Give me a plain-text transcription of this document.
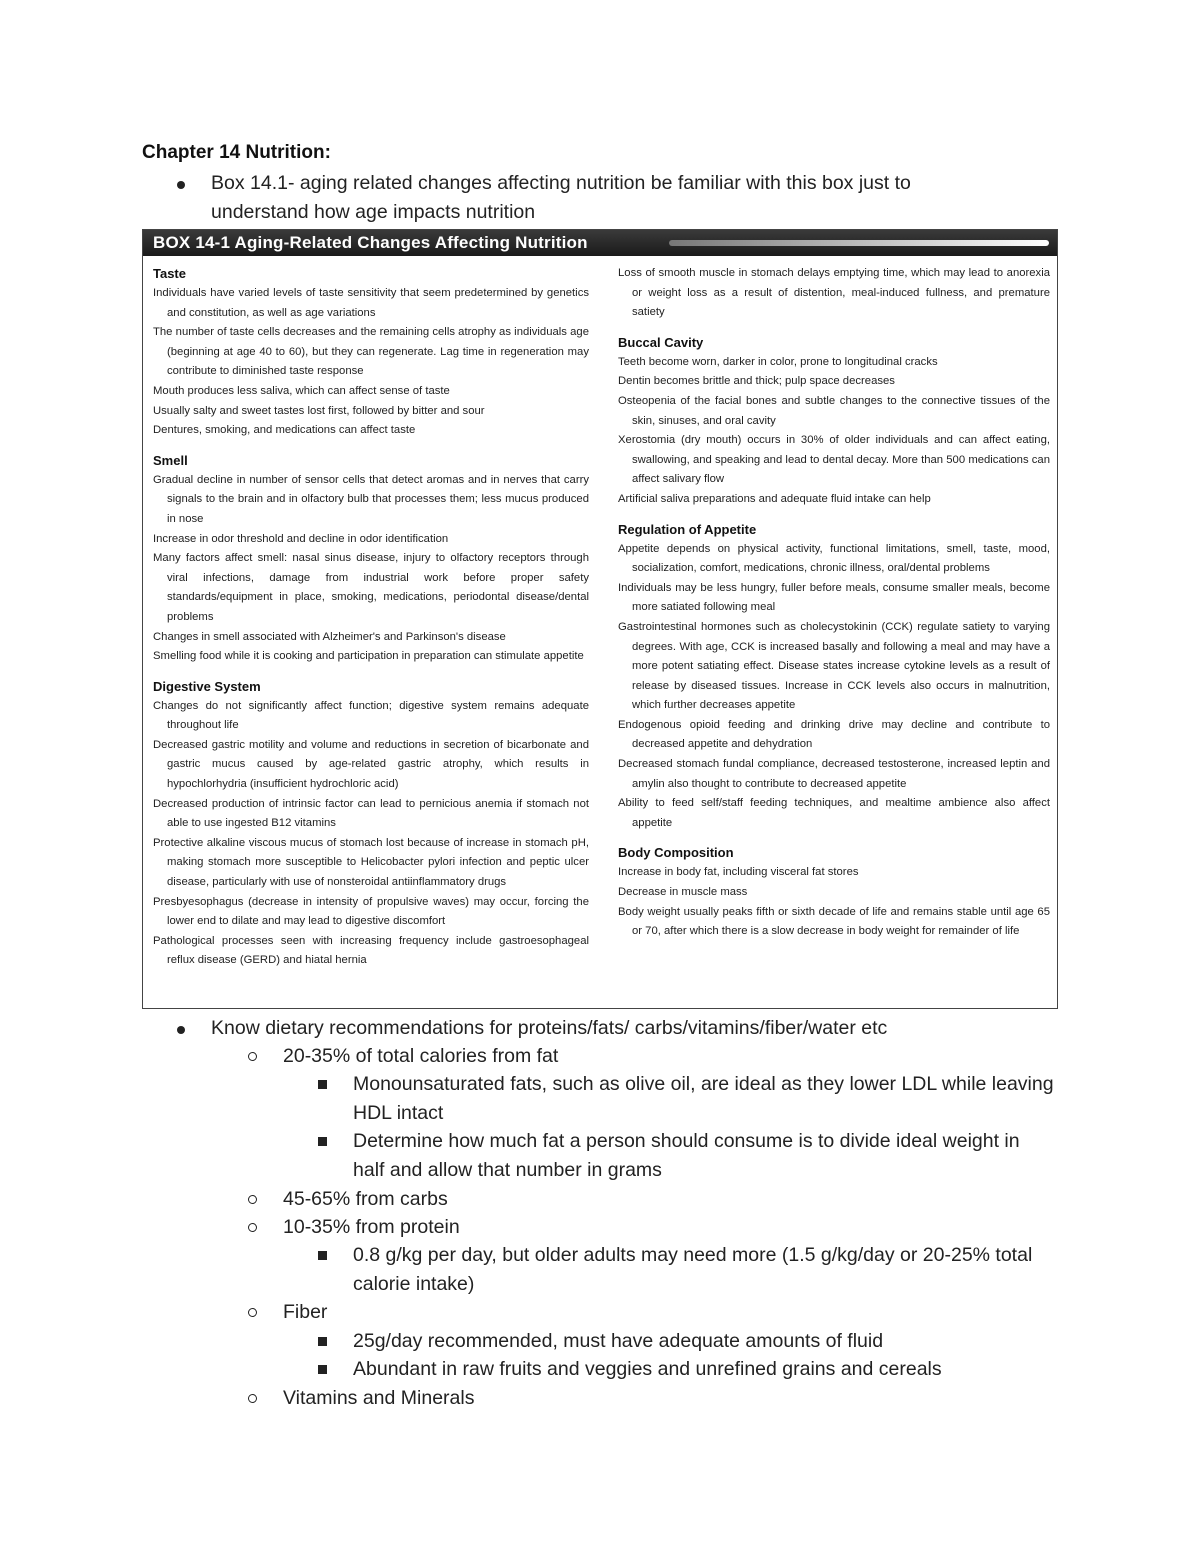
Chapter 14 Nutrition:
Box 14.1- aging related changes affecting nutrition be familiar with this box just to understand how age impacts nutrition
BOX 14-1 Aging-Related Changes Affecting Nutrition
Taste
Individuals have varied levels of taste sensitivity that seem predetermined by genetics and constitution, as well as age variations
The number of taste cells decreases and the remaining cells atrophy as individuals age (beginning at age 40 to 60), but they can regenerate. Lag time in regeneration may contribute to diminished taste response
Mouth produces less saliva, which can affect sense of taste
Usually salty and sweet tastes lost first, followed by bitter and sour
Dentures, smoking, and medications can affect taste
Smell
Gradual decline in number of sensor cells that detect aromas and in nerves that carry signals to the brain and in olfactory bulb that processes them; less mucus produced in nose
Increase in odor threshold and decline in odor identification
Many factors affect smell: nasal sinus disease, injury to olfactory receptors through viral infections, damage from industrial work before proper safety standards/equipment in place, smoking, medications, periodontal disease/dental problems
Changes in smell associated with Alzheimer's and Parkinson's disease
Smelling food while it is cooking and participation in preparation can stimulate appetite
Digestive System
Changes do not significantly affect function; digestive system remains adequate throughout life
Decreased gastric motility and volume and reductions in secretion of bicarbonate and gastric mucus caused by age-related gastric atrophy, which results in hypochlorhydria (insufficient hydrochloric acid)
Decreased production of intrinsic factor can lead to pernicious anemia if stomach not able to use ingested B12 vitamins
Protective alkaline viscous mucus of stomach lost because of increase in stomach pH, making stomach more susceptible to Helicobacter pylori infection and peptic ulcer disease, particularly with use of nonsteroidal antiinflammatory drugs
Presbyesophagus (decrease in intensity of propulsive waves) may occur, forcing the lower end to dilate and may lead to digestive discomfort
Pathological processes seen with increasing frequency include gastroesophageal reflux disease (GERD) and hiatal hernia
Loss of smooth muscle in stomach delays emptying time, which may lead to anorexia or weight loss as a result of distention, meal-induced fullness, and premature satiety
Buccal Cavity
Teeth become worn, darker in color, prone to longitudinal cracks
Dentin becomes brittle and thick; pulp space decreases
Osteopenia of the facial bones and subtle changes to the connective tissues of the skin, sinuses, and oral cavity
Xerostomia (dry mouth) occurs in 30% of older individuals and can affect eating, swallowing, and speaking and lead to dental decay. More than 500 medications can affect salivary flow
Artificial saliva preparations and adequate fluid intake can help
Regulation of Appetite
Appetite depends on physical activity, functional limitations, smell, taste, mood, socialization, comfort, medications, chronic illness, oral/dental problems
Individuals may be less hungry, fuller before meals, consume smaller meals, become more satiated following meal
Gastrointestinal hormones such as cholecystokinin (CCK) regulate satiety to varying degrees. With age, CCK is increased basally and following a meal and may have a more potent satiating effect. Disease states increase cytokine levels as a result of release by diseased tissues. Increase in CCK levels also occurs in malnutrition, which further decreases appetite
Endogenous opioid feeding and drinking drive may decline and contribute to decreased appetite and dehydration
Decreased stomach fundal compliance, decreased testosterone, increased leptin and amylin also thought to contribute to decreased appetite
Ability to feed self/staff feeding techniques, and mealtime ambience also affect appetite
Body Composition
Increase in body fat, including visceral fat stores
Decrease in muscle mass
Body weight usually peaks fifth or sixth decade of life and remains stable until age 65 or 70, after which there is a slow decrease in body weight for remainder of life
Know dietary recommendations for proteins/fats/ carbs/vitamins/fiber/water etc
20-35% of total calories from fat
Monounsaturated fats, such as olive oil, are ideal as they lower LDL while leaving HDL intact
Determine how much fat a person should consume is to divide ideal weight in half and allow that number in grams
45-65% from carbs
10-35% from protein
0.8 g/kg per day, but older adults may need more (1.5 g/kg/day or 20-25% total calorie intake)
Fiber
25g/day recommended, must have adequate amounts of fluid
Abundant in raw fruits and veggies and unrefined grains and cereals
Vitamins and Minerals
